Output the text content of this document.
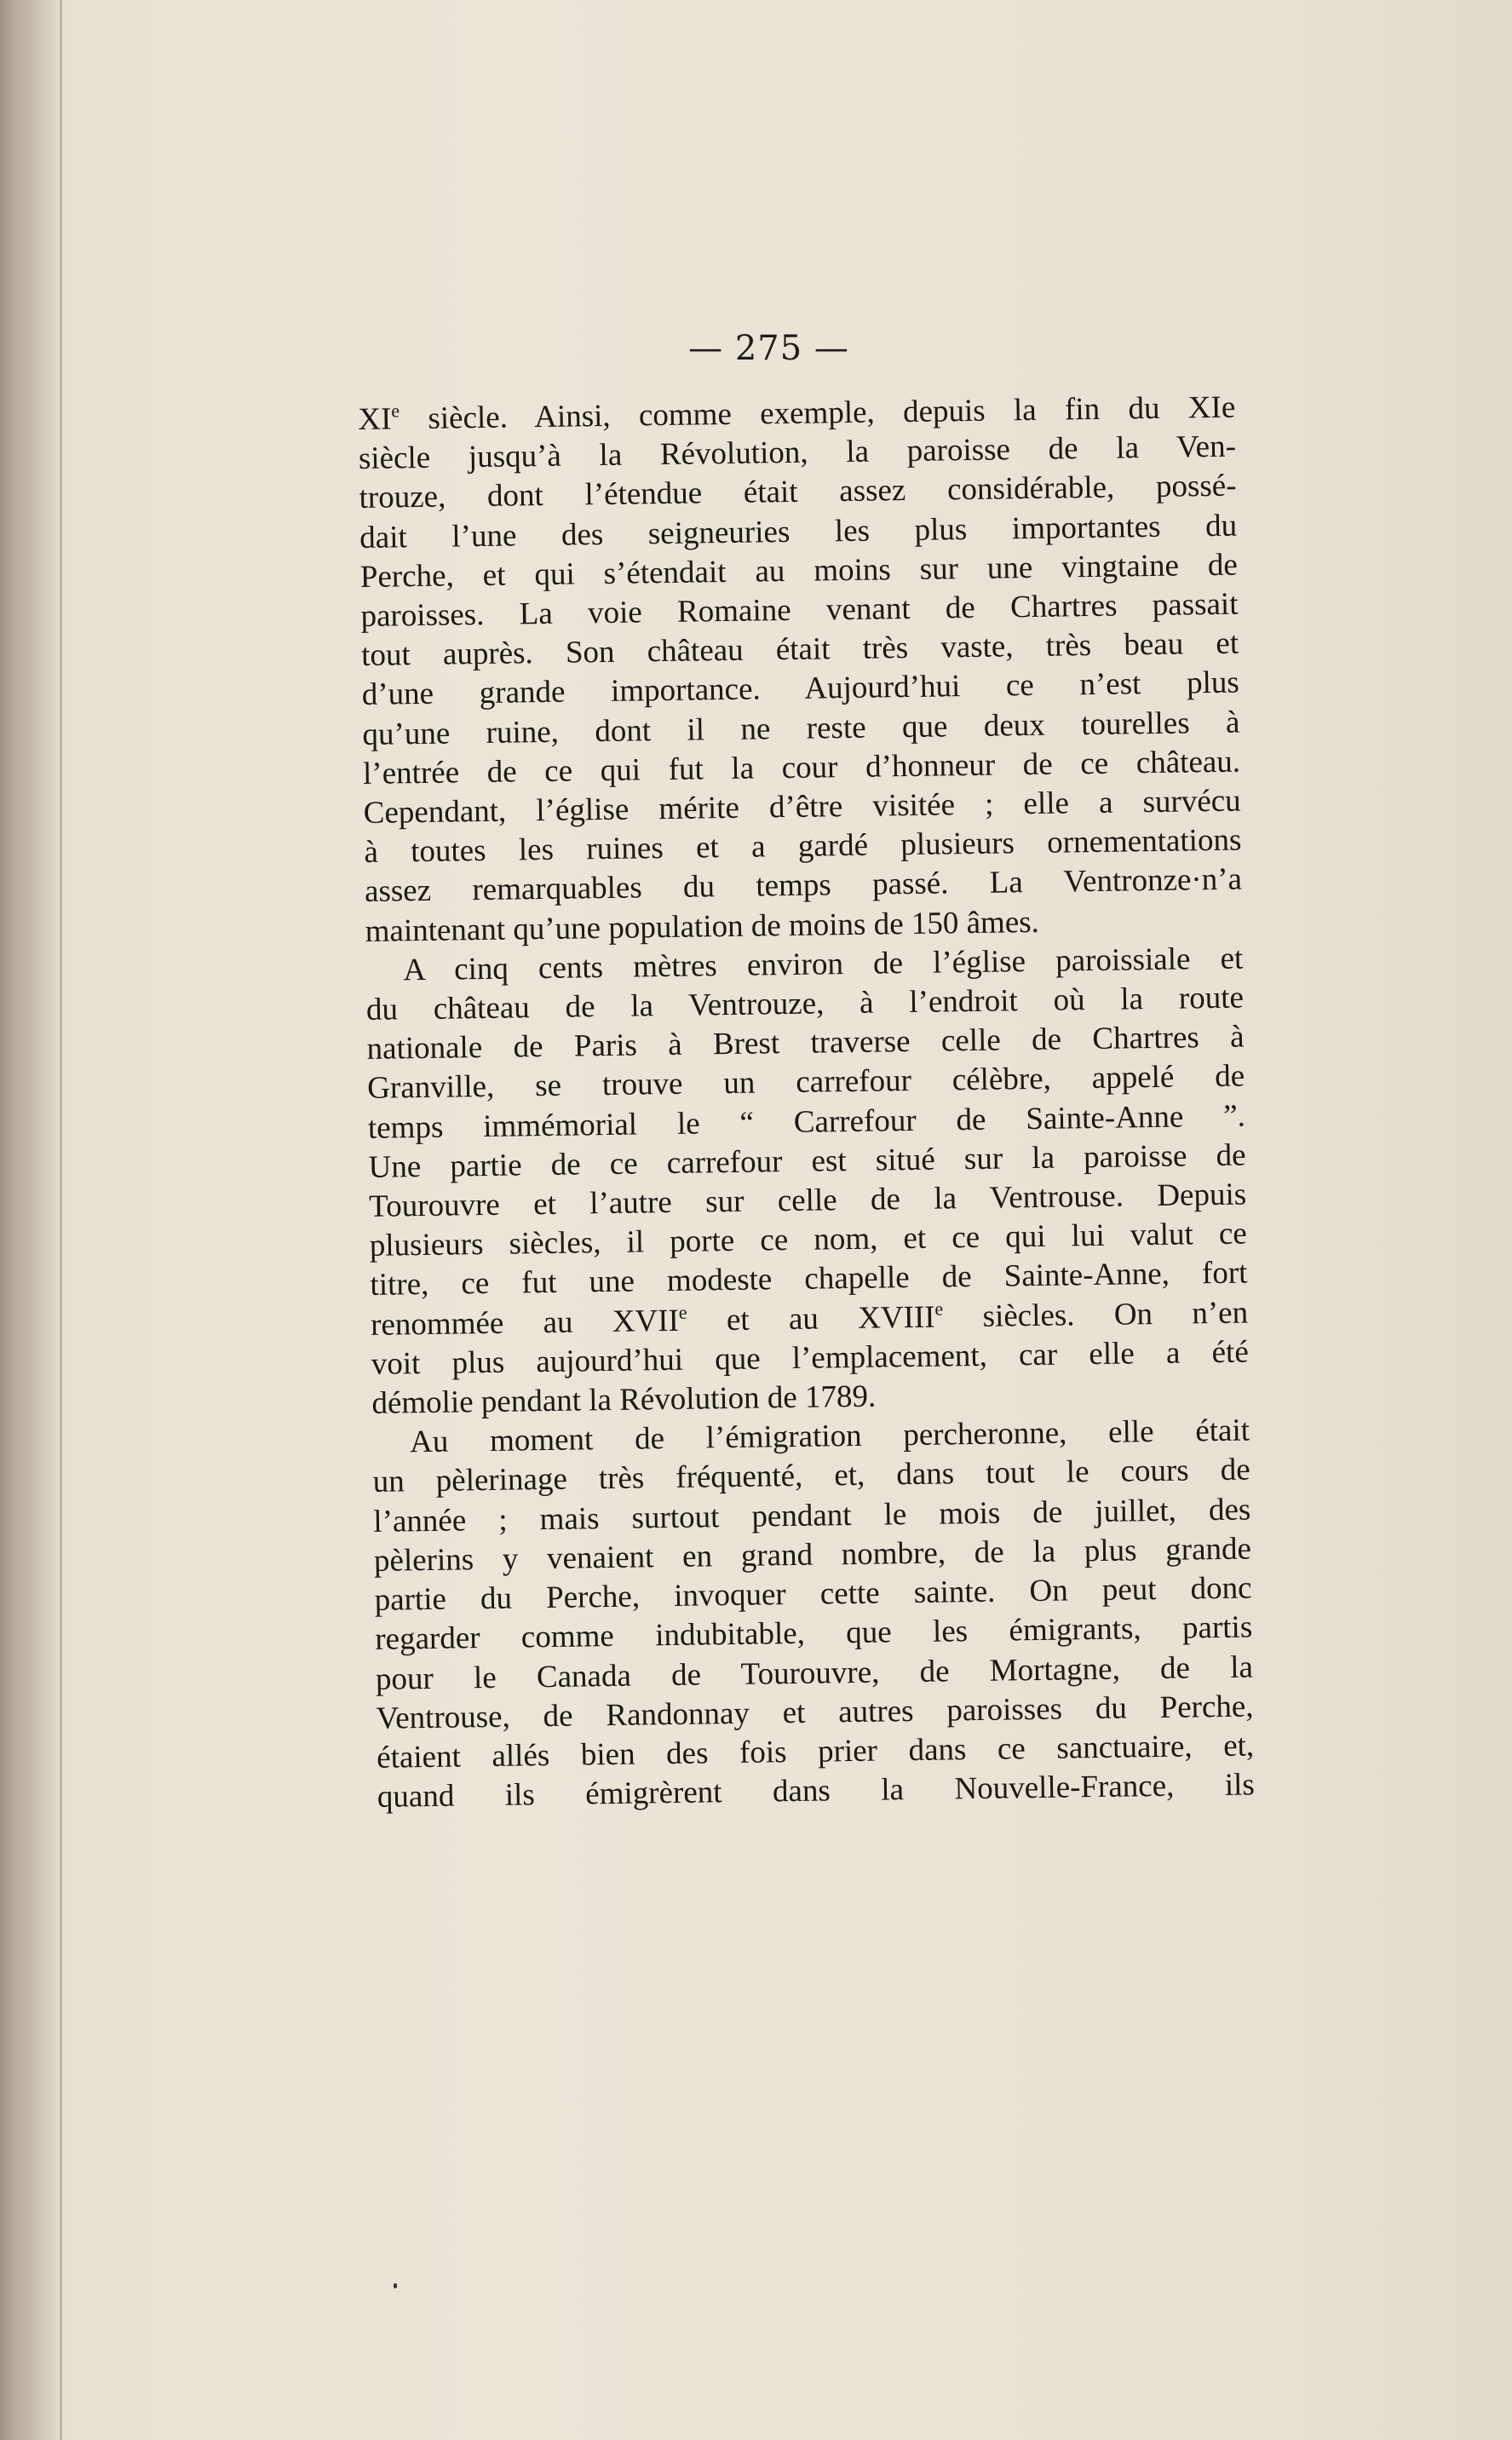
— 275 —
XIe siècle. Ainsi, comme exemple, depuis la fin du XIe
siècle jusqu’à la Révolution, la paroisse de la Ven-
trouze, dont l’étendue était assez considérable, possé-
dait l’une des seigneuries les plus importantes du
Perche, et qui s’étendait au moins sur une vingtaine de
paroisses. La voie Romaine venant de Chartres passait
tout auprès. Son château était très vaste, très beau et
d’une grande importance. Aujourd’hui ce n’est plus
qu’une ruine, dont il ne reste que deux tourelles à
l’entrée de ce qui fut la cour d’honneur de ce château.
Cependant, l’église mérite d’être visitée ; elle a survécu
à toutes les ruines et a gardé plusieurs ornementations
assez remarquables du temps passé. La Ventronze·n’a
maintenant qu’une population de moins de 150 âmes.
A cinq cents mètres environ de l’église paroissiale et
du château de la Ventrouze, à l’endroit où la route
nationale de Paris à Brest traverse celle de Chartres à
Granville, se trouve un carrefour célèbre, appelé de
temps immémorial le “ Carrefour de Sainte-Anne ”.
Une partie de ce carrefour est situé sur la paroisse de
Tourouvre et l’autre sur celle de la Ventrouse. Depuis
plusieurs siècles, il porte ce nom, et ce qui lui valut ce
titre, ce fut une modeste chapelle de Sainte-Anne, fort
renommée au XVIIe et au XVIIIe siècles. On n’en
voit plus aujourd’hui que l’emplacement, car elle a été
démolie pendant la Révolution de 1789.
Au moment de l’émigration percheronne, elle était
un pèlerinage très fréquenté, et, dans tout le cours de
l’année ; mais surtout pendant le mois de juillet, des
pèlerins y venaient en grand nombre, de la plus grande
partie du Perche, invoquer cette sainte. On peut donc
regarder comme indubitable, que les émigrants, partis
pour le Canada de Tourouvre, de Mortagne, de la
Ventrouse, de Randonnay et autres paroisses du Perche,
étaient allés bien des fois prier dans ce sanctuaire, et,
quand ils émigrèrent dans la Nouvelle-France, ils
